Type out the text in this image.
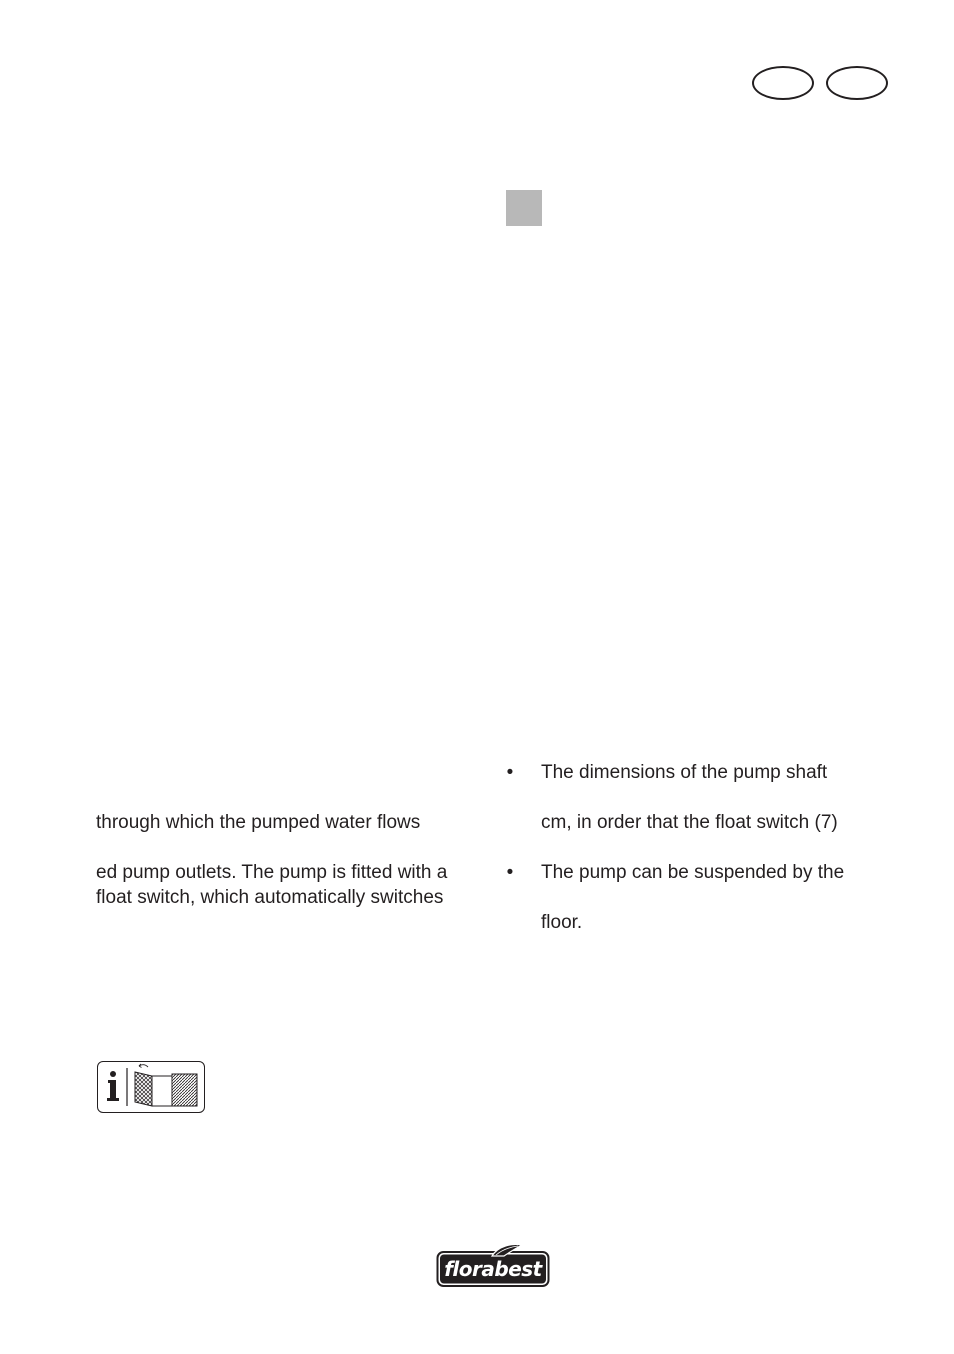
through which the pumped water flows
ed pump outlets. The pump is fitted with a
float switch, which automatically switches
• The dimensions of the pump shaft
cm, in order that the float switch (7)
• The pump can be suspended by the
floor.
florabest
